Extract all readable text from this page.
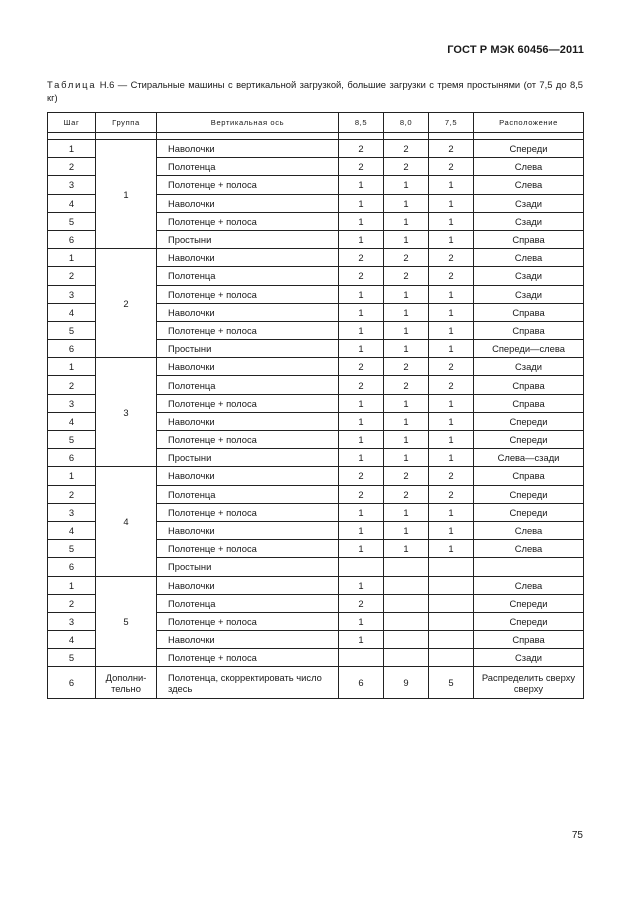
ГОСТ Р МЭК 60456—2011
Таблица Н.6 — Стиральные машины с вертикальной загрузкой, большие загрузки с тремя простынями (от 7,5 до 8,5 кг)
Шаг	Группа	Вертикальная ось	8,5	8,0	7,5	Расположение

1	1	Наволочки	2	2	2	Спереди
2		Полотенца	2	2	2	Слева
3		Полотенце + полоса	1	1	1	Слева
4		Наволочки	1	1	1	Сзади
5		Полотенце + полоса	1	1	1	Сзади
6		Простыни	1	1	1	Справа
1	2	Наволочки	2	2	2	Слева
2		Полотенца	2	2	2	Сзади
3		Полотенце + полоса	1	1	1	Сзади
4		Наволочки	1	1	1	Справа
5		Полотенце + полоса	1	1	1	Справа
6		Простыни	1	1	1	Спереди—слева
1	3	Наволочки	2	2	2	Сзади
2		Полотенца	2	2	2	Справа
3		Полотенце + полоса	1	1	1	Справа
4		Наволочки	1	1	1	Спереди
5		Полотенце + полоса	1	1	1	Спереди
6		Простыни	1	1	1	Слева—сзади
1	4	Наволочки	2	2	2	Справа
2		Полотенца	2	2	2	Спереди
3		Полотенце + полоса	1	1	1	Спереди
4		Наволочки	1	1	1	Слева
5		Полотенце + полоса	1	1	1	Слева
6		Простыни				
1	5	Наволочки	1			Слева
2		Полотенца	2			Спереди
3		Полотенце + полоса	1			Спереди
4		Наволочки	1			Справа
5		Полотенце + полоса				Сзади
6	Дополни-тельно	Полотенца, скорректировать число здесь	6	9	5	Распределить сверху сверху
75
